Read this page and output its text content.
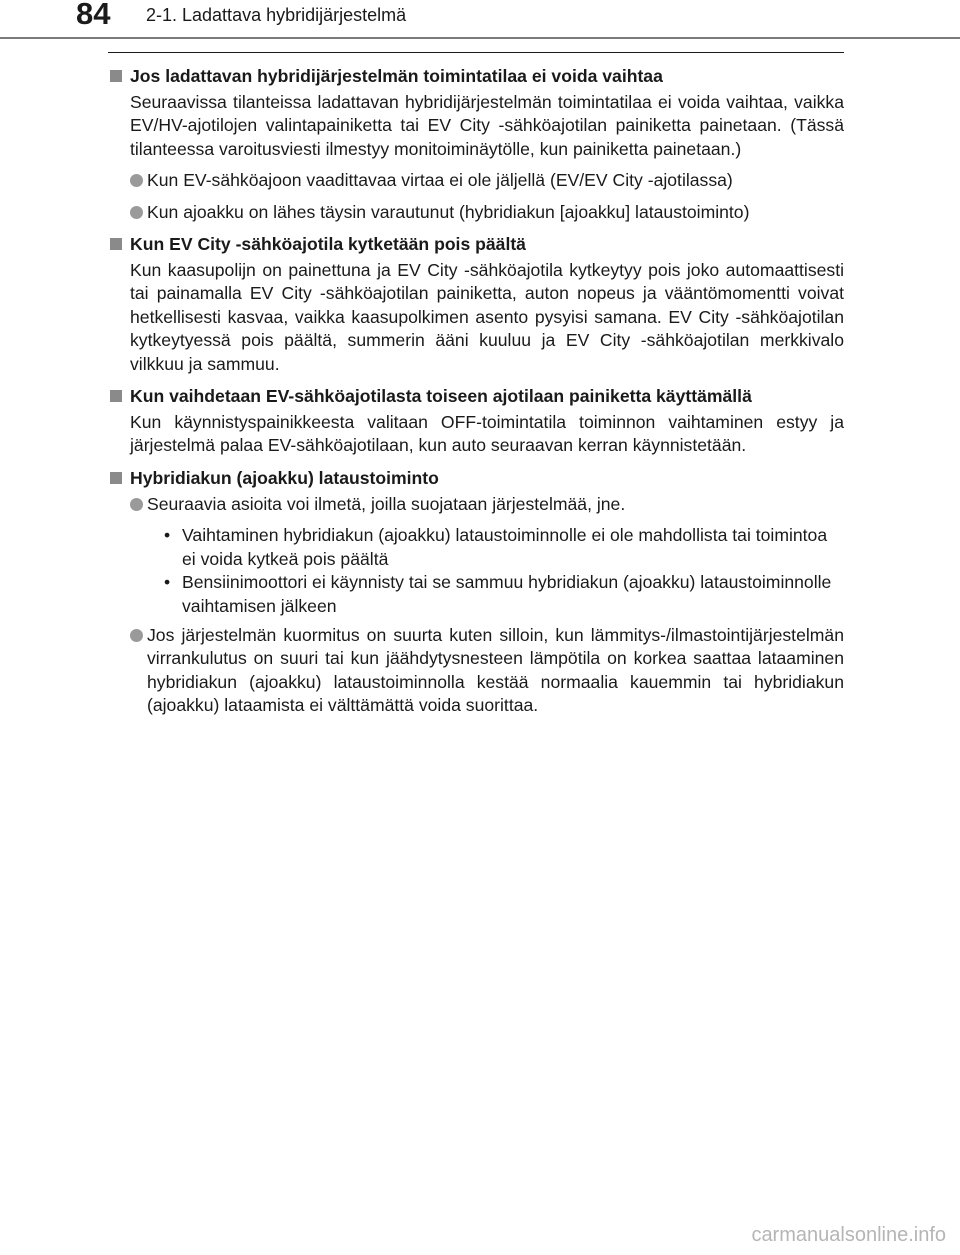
84 2-1. Ladattava hybridijärjestelmä
Jos ladattavan hybridijärjestelmän toimintatilaa ei voida vaihtaa

Seuraavissa tilanteissa ladattavan hybridijärjestelmän toimintatilaa ei voida vaihtaa, vaikka EV/HV-ajotilojen valintapainiketta tai EV City -sähköajotilan painiketta painetaan. (Tässä tilanteessa varoitusviesti ilmestyy monitoiminäytölle, kun painiketta painetaan.)

Kun EV-sähköajoon vaadittavaa virtaa ei ole jäljellä (EV/EV City -ajotilassa)
Kun ajoakku on lähes täysin varautunut (hybridiakun [ajoakku] lataustoiminto)
Kun EV City -sähköajotila kytketään pois päältä

Kun kaasupolijn on painettuna ja EV City -sähköajotila kytkeytyy pois joko automaattisesti tai painamalla EV City -sähköajotilan painiketta, auton nopeus ja vääntömomentti voivat hetkellisesti kasvaa, vaikka kaasupolkimen asento pysyisi samana. EV City -sähköajotilan kytkeytyessä pois päältä, summerin ääni kuuluu ja EV City -sähköajotilan merkkivalo vilkkuu ja sammuu.

Kun vaihdetaan EV-sähköajotilasta toiseen ajotilaan painiketta käyttämällä

Kun käynnistyspainikkeesta valitaan OFF-toimintatila toiminnon vaihtaminen estyy ja järjestelmä palaa EV-sähköajotilaan, kun auto seuraavan kerran käynnistetään.

Hybridiakun (ajoakku) lataustoiminto
Seuraavia asioita voi ilmetä, joilla suojataan järjestelmää, jne.
• Vaihtaminen hybridiakun (ajoakku) lataustoiminnolle ei ole mahdollista tai toimintoa ei voida kytkeä pois päältä
• Bensiinimoottori ei käynnisty tai se sammuu hybridiakun (ajoakku) lataustoiminnolle vaihtamisen jälkeen
Jos järjestelmän kuormitus on suurta kuten silloin, kun lämmitys-/ilmastointijärjestelmän virrankulutus on suuri tai kun jäähdytysnesteen lämpötila on korkea saattaa lataaminen hybridiakun (ajoakku) lataustoiminnolla kestää normaalia kauemmin tai hybridiakun (ajoakku) lataamista ei välttämättä voida suorittaa.
carmanualsonline.info
